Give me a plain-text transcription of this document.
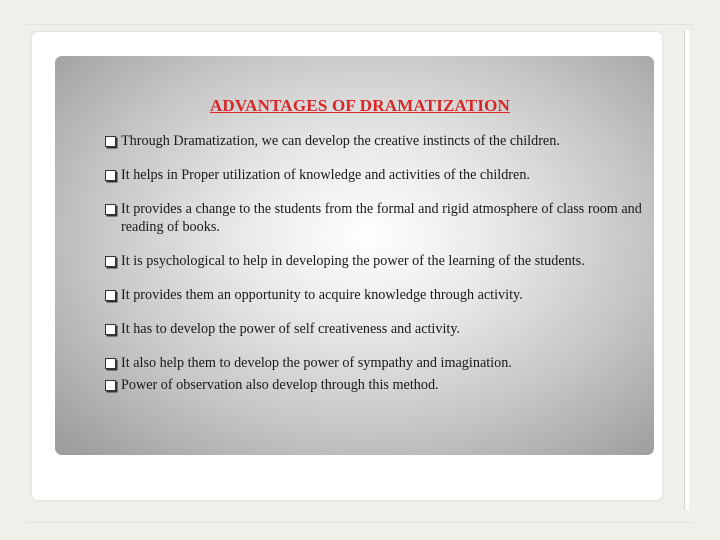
ADVANTAGES OF DRAMATIZATION
Through Dramatization, we can develop the creative instincts of the children.
It helps in Proper utilization of knowledge and activities of the children.
It provides a change to the students from the formal and rigid atmosphere of class room and reading of books.
It is psychological to help in developing the power of the learning of the students.
It provides them an opportunity to acquire knowledge through activity.
It has to develop the power of self creativeness and activity.
It also help them to develop the power of sympathy and imagination.
Power of observation also develop through this method.
